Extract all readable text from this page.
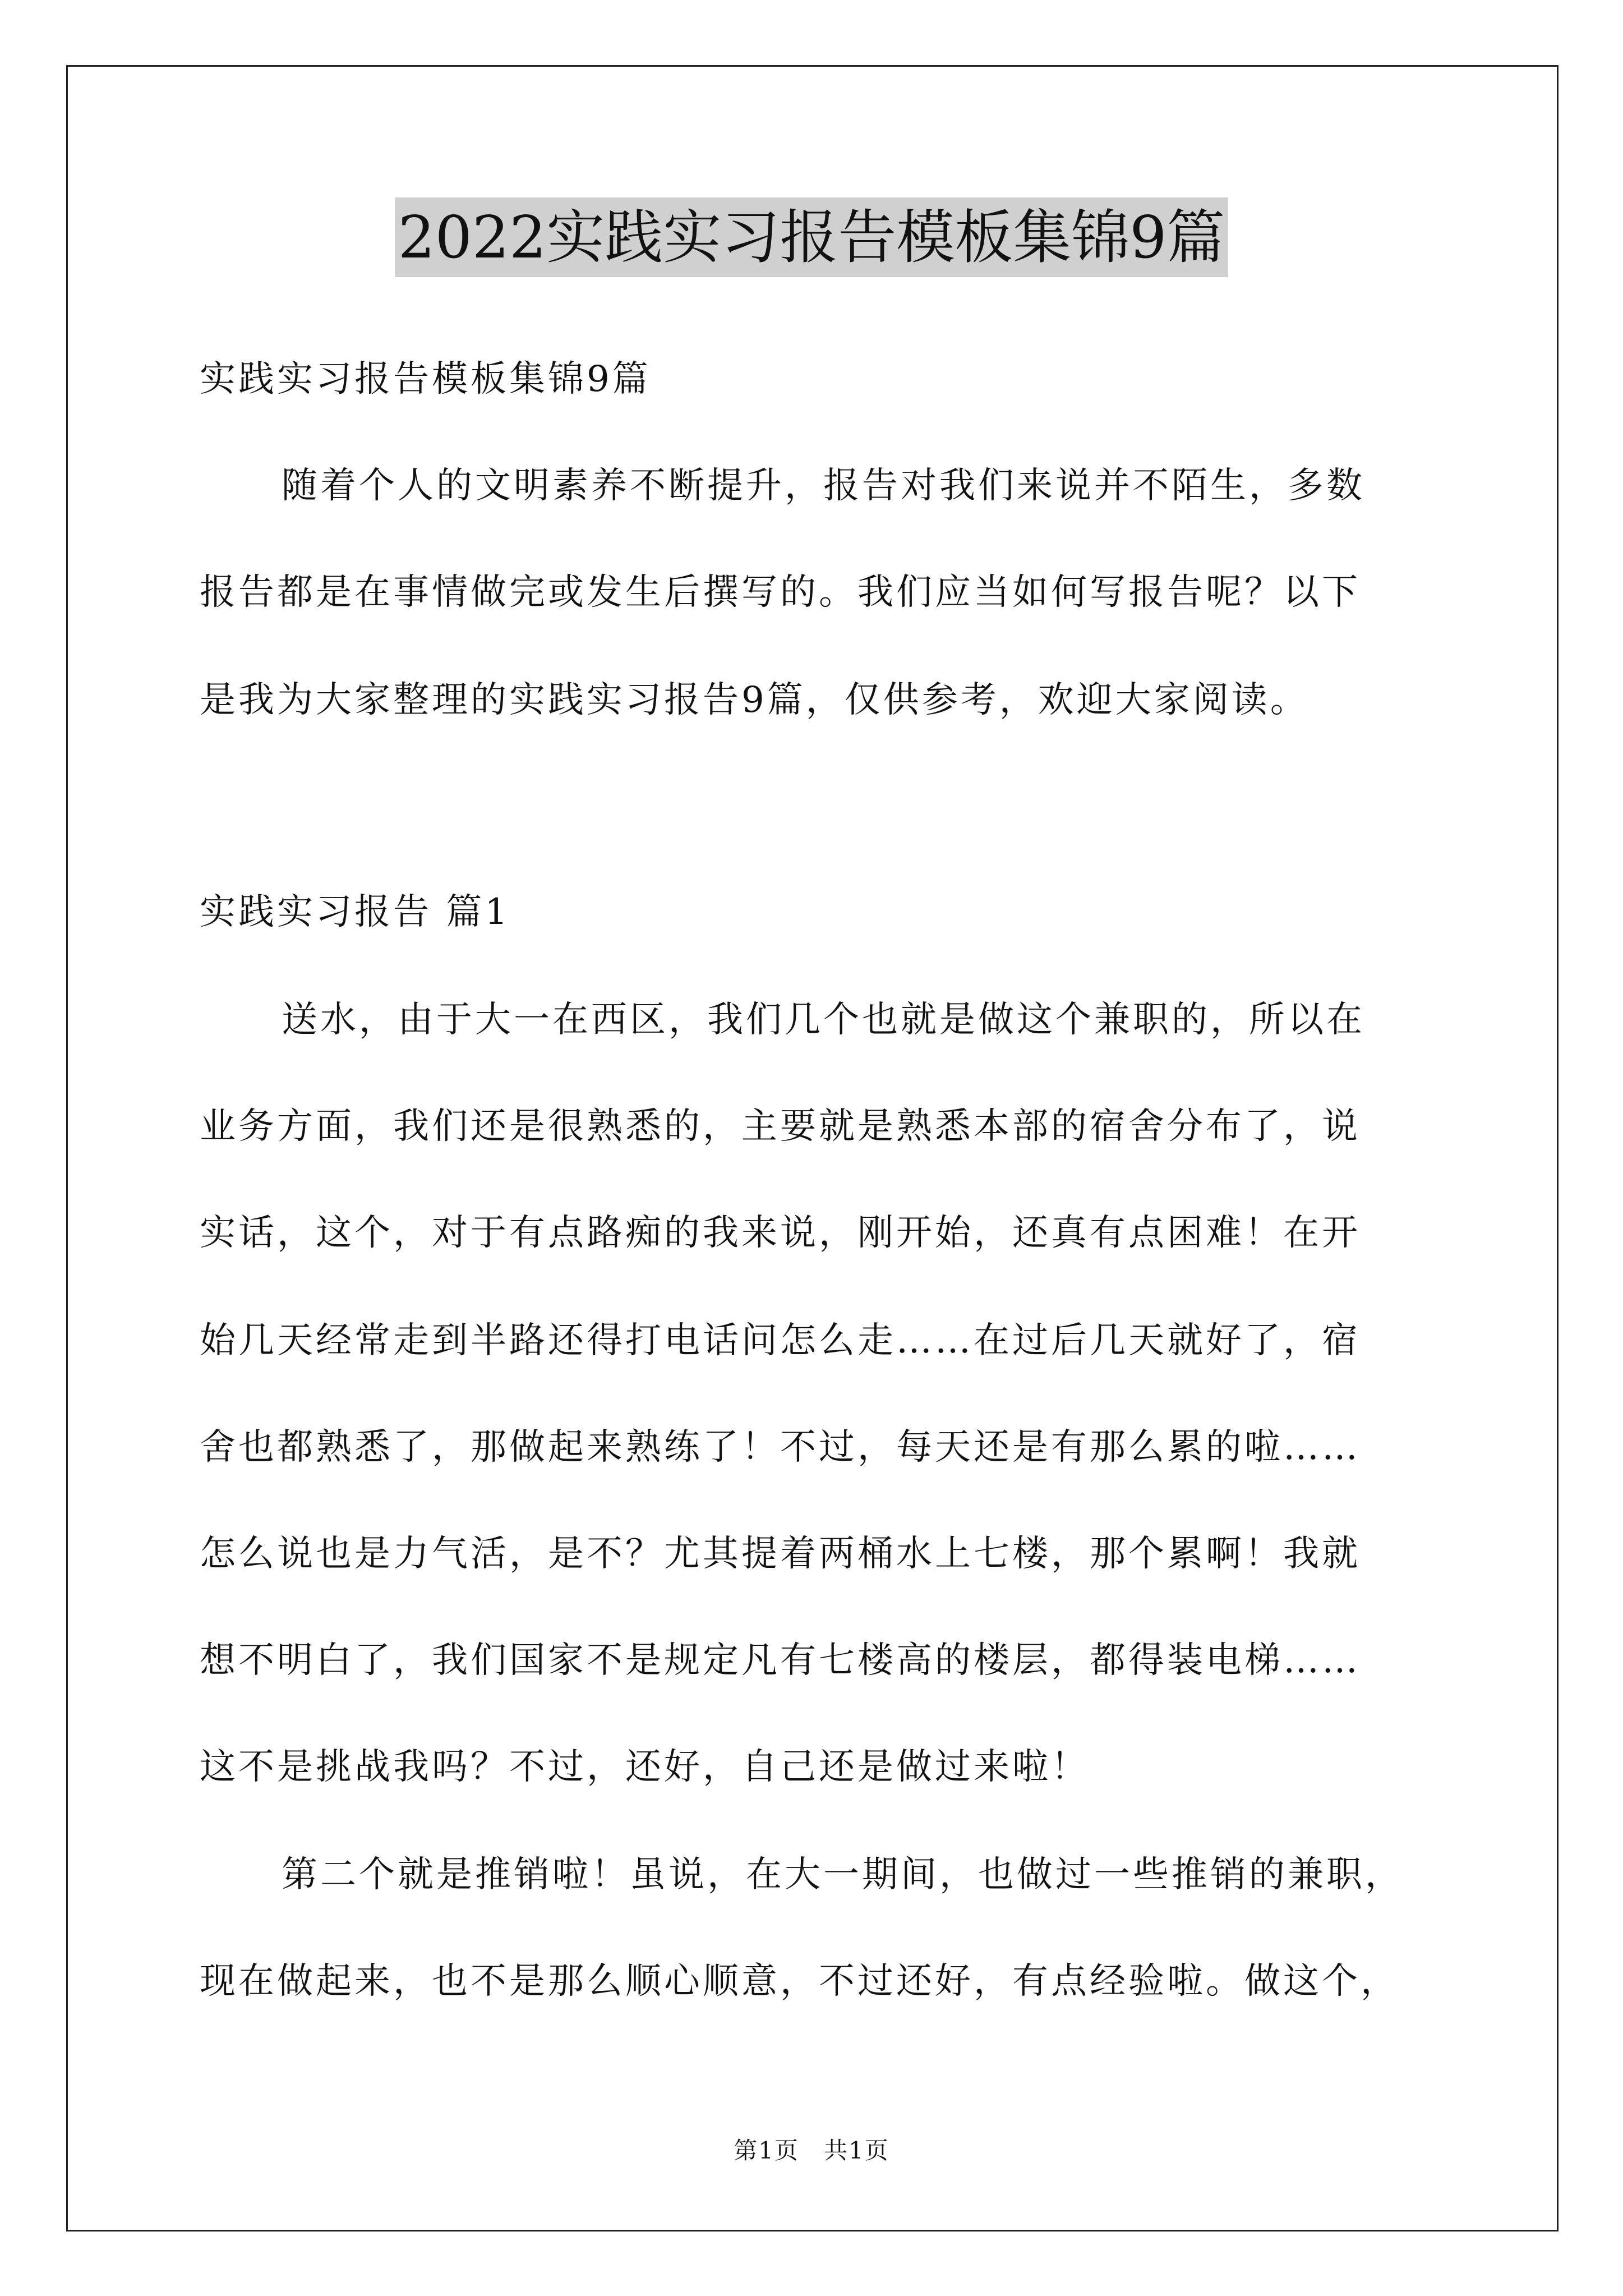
2022实践实习报告模板集锦9篇
实践实习报告模板集锦9篇
随着个人的文明素养不断提升，报告对我们来说并不陌生，多数
报告都是在事情做完或发生后撰写的。我们应当如何写报告呢？以下
是我为大家整理的实践实习报告9篇，仅供参考，欢迎大家阅读。
实践实习报告 篇1
送水，由于大一在西区，我们几个也就是做这个兼职的，所以在
业务方面，我们还是很熟悉的，主要就是熟悉本部的宿舍分布了，说
实话，这个，对于有点路痴的我来说，刚开始，还真有点困难！在开
始几天经常走到半路还得打电话问怎么走……在过后几天就好了，宿
舍也都熟悉了，那做起来熟练了！不过，每天还是有那么累的啦……
怎么说也是力气活，是不？尤其提着两桶水上七楼，那个累啊！我就
想不明白了，我们国家不是规定凡有七楼高的楼层，都得装电梯……
这不是挑战我吗？不过，还好，自己还是做过来啦！
第二个就是推销啦！虽说，在大一期间，也做过一些推销的兼职，
现在做起来，也不是那么顺心顺意，不过还好，有点经验啦。做这个，
第1页　共1页
